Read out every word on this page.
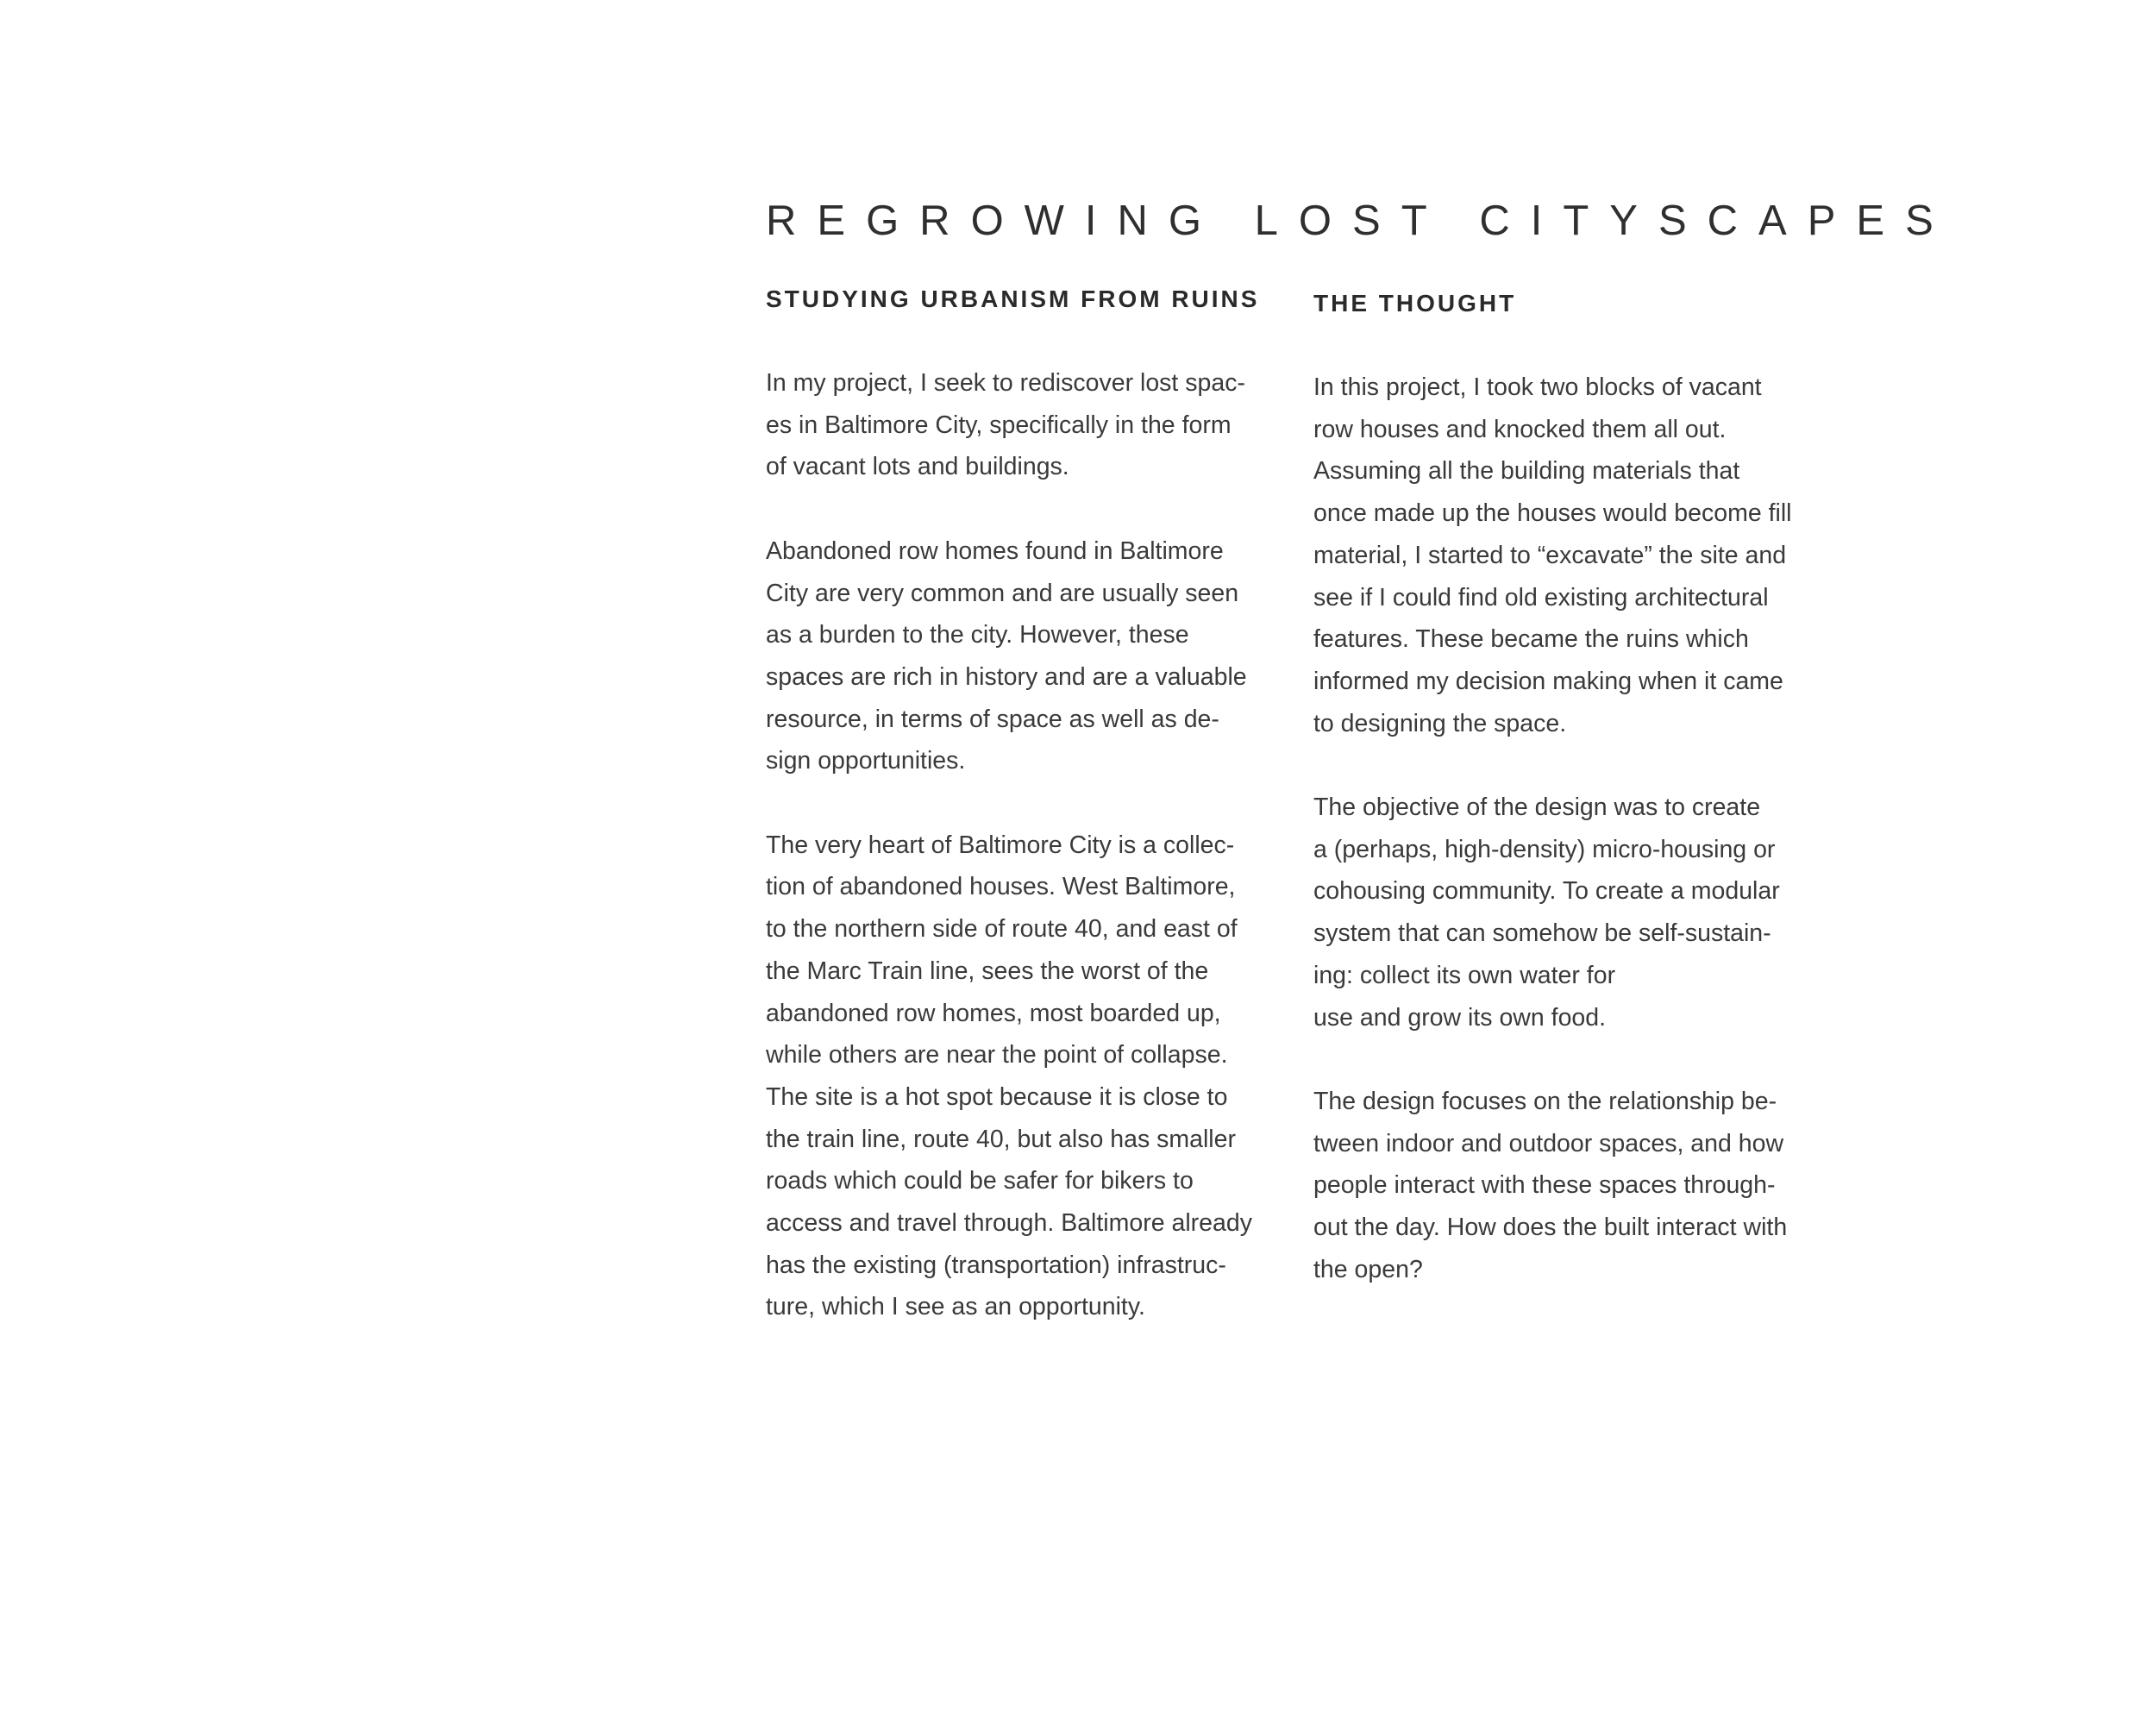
REGROWING LOST CITYSCAPES
STUDYING URBANISM FROM RUINS

In my project, I seek to rediscover lost spac-
es in Baltimore City, specifically in the form
of vacant lots and buildings.

Abandoned row homes found in Baltimore
City are very common and are usually seen
as a burden to the city. However, these
spaces are rich in history and are a valuable
resource, in terms of space as well as de-
sign opportunities.

The very heart of Baltimore City is a collec-
tion of abandoned houses. West Baltimore,
to the northern side of route 40, and east of
the Marc Train line, sees the worst of the
abandoned row homes, most boarded up,
while others are near the point of collapse.
The site is a hot spot because it is close to
the train line, route 40, but also has smaller
roads which could be safer for bikers to
access and travel through. Baltimore already
has the existing (transportation) infrastruc-
ture, which I see as an opportunity.

THE THOUGHT

In this project, I took two blocks of vacant
row houses and knocked them all out.
Assuming all the building materials that
once made up the houses would become fill
material, I started to “excavate” the site and
see if I could find old existing architectural
features. These became the ruins which
informed my decision making when it came
to designing the space.

The objective of the design was to create
a (perhaps, high-density) micro-housing or
cohousing community. To create a modular
system that can somehow be self-sustain-
ing: collect its own water for
use and grow its own food.

The design focuses on the relationship be-
tween indoor and outdoor spaces, and how
people interact with these spaces through-
out the day. How does the built interact with
the open?
